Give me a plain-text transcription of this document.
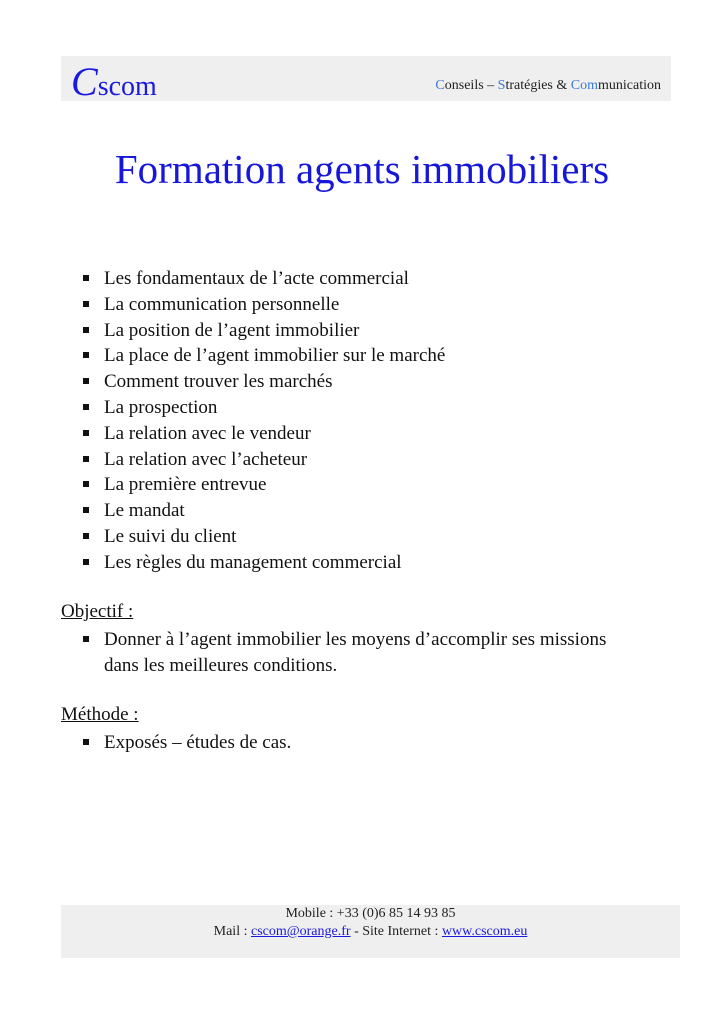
Cscom	Conseils – Stratégies & Communication
Formation agents immobiliers
Les fondamentaux de l’acte commercial
La communication personnelle
La position de l’agent immobilier
La place de l’agent immobilier sur le marché
Comment trouver les marchés
La prospection
La relation avec le vendeur
La relation avec l’acheteur
La première entrevue
Le mandat
Le suivi du client
Les règles du management commercial
Objectif :
Donner à l’agent immobilier les moyens d’accomplir ses missions
dans les meilleures conditions.
Méthode :
Exposés – études de cas.
Mobile : +33 (0)6 85 14 93 85
Mail : cscom@orange.fr - Site Internet : www.cscom.eu
